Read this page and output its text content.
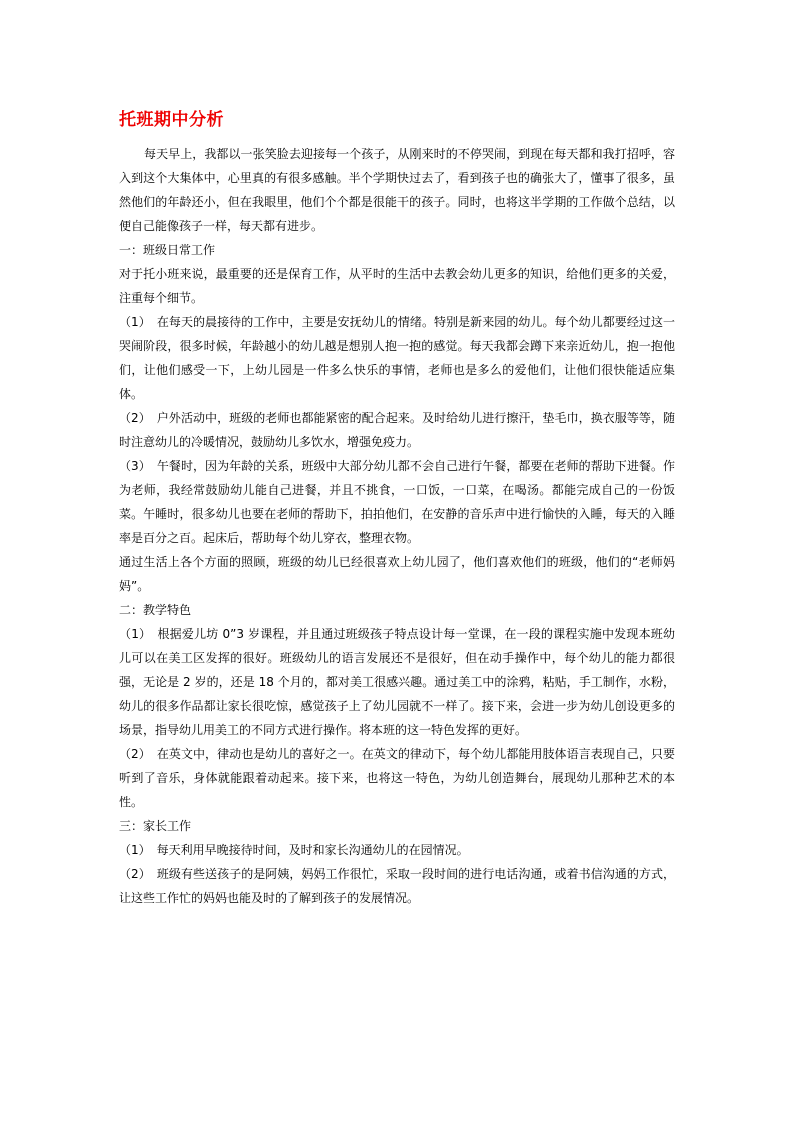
托班期中分析

每天早上，我都以一张笑脸去迎接每一个孩子，从刚来时的不停哭闹，到现在每天都和我打招呼，容入到这个大集体中，心里真的有很多感触。半个学期快过去了，看到孩子也的确张大了，懂事了很多，虽然他们的年龄还小，但在我眼里，他们个个都是很能干的孩子。同时，也将这半学期的工作做个总结，以便自己能像孩子一样，每天都有进步。

一：班级日常工作

对于托小班来说，最重要的还是保育工作，从平时的生活中去教会幼儿更多的知识，给他们更多的关爱，注重每个细节。

（1）　在每天的晨接待的工作中，主要是安抚幼儿的情绪。特别是新来园的幼儿。每个幼儿都要经过这一哭闹阶段，很多时候，年龄越小的幼儿越是想别人抱一抱的感觉。每天我都会蹲下来亲近幼儿，抱一抱他们，让他们感受一下，上幼儿园是一件多么快乐的事情，老师也是多么的爱他们，让他们很快能适应集体。

（2）　户外活动中，班级的老师也都能紧密的配合起来。及时给幼儿进行擦汗，垫毛巾，换衣服等等，随时注意幼儿的冷暖情况，鼓励幼儿多饮水，增强免疫力。

（3）　午餐时，因为年龄的关系，班级中大部分幼儿都不会自己进行午餐，都要在老师的帮助下进餐。作为老师，我经常鼓励幼儿能自己进餐，并且不挑食，一口饭，一口菜，在喝汤。都能完成自己的一份饭菜。午睡时，很多幼儿也要在老师的帮助下，拍拍他们，在安静的音乐声中进行愉快的入睡，每天的入睡率是百分之百。起床后，帮助每个幼儿穿衣，整理衣物。

通过生活上各个方面的照顾，班级的幼儿已经很喜欢上幼儿园了，他们喜欢他们的班级，他们的“老师妈妈”。

二：教学特色

（1）　根据爱儿坊 0”3 岁课程，并且通过班级孩子特点设计每一堂课，在一段的课程实施中发现本班幼儿可以在美工区发挥的很好。班级幼儿的语言发展还不是很好，但在动手操作中，每个幼儿的能力都很强，无论是 2 岁的，还是 18 个月的，都对美工很感兴趣。通过美工中的涂鸦，粘贴，手工制作，水粉，幼儿的很多作品都让家长很吃惊，感觉孩子上了幼儿园就不一样了。接下来，会进一步为幼儿创设更多的场景，指导幼儿用美工的不同方式进行操作。将本班的这一特色发挥的更好。

（2）　在英文中，律动也是幼儿的喜好之一。在英文的律动下，每个幼儿都能用肢体语言表现自己，只要听到了音乐，身体就能跟着动起来。接下来，也将这一特色，为幼儿创造舞台，展现幼儿那种艺术的本性。

三：家长工作

（1）　每天利用早晚接待时间，及时和家长沟通幼儿的在园情况。

（2）　班级有些送孩子的是阿姨，妈妈工作很忙，采取一段时间的进行电话沟通，或着书信沟通的方式，让这些工作忙的妈妈也能及时的了解到孩子的发展情况。
